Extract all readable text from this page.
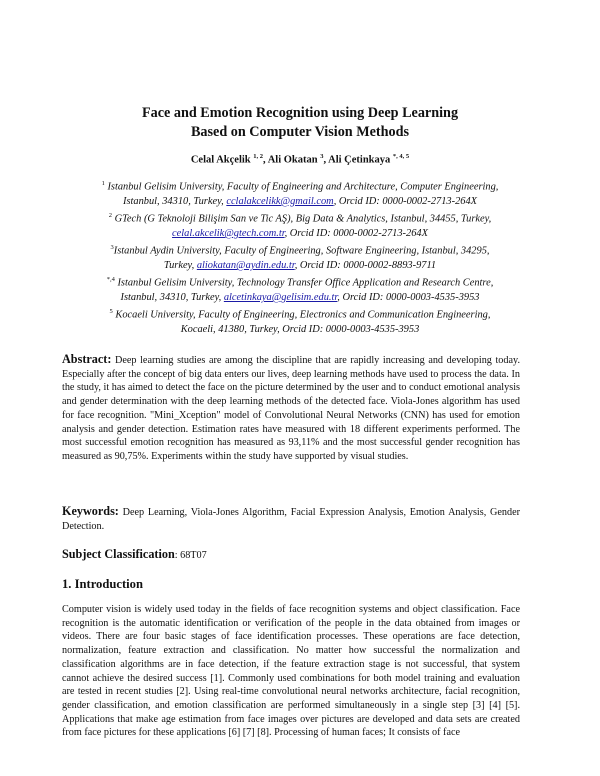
Face and Emotion Recognition using Deep Learning
Based on Computer Vision Methods
Celal Akçelik $^{1, 2}$, Ali Okatan $^3$, Ali Çetinkaya $^{*, 4, 5}$
$^1$ Istanbul Gelisim University, Faculty of Engineering and Architecture, Computer Engineering,
Istanbul, 34310, Turkey, cclalakcelikk@gmail.com, Orcid ID: 0000-0002-2713-264X
$^2$ GTech (G Teknoloji Bilişim San ve Tic AŞ), Big Data & Analytics, Istanbul, 34455, Turkey,
celal.akcelik@gtech.com.tr, Orcid ID: 0000-0002-2713-264X
$^3$Istanbul Aydin University, Faculty of Engineering, Software Engineering, Istanbul, 34295,
Turkey, aliokatan@aydin.edu.tr, Orcid ID: 0000-0002-8893-9711
$^{*,4}$ Istanbul Gelisim University, Technology Transfer Office Application and Research Centre,
Istanbul, 34310, Turkey, alcetinkaya@gelisim.edu.tr, Orcid ID: 0000-0003-4535-3953
$^5$ Kocaeli University, Faculty of Engineering, Electronics and Communication Engineering,
Kocaeli, 41380, Turkey, Orcid ID: 0000-0003-4535-3953

Abstract: Deep learning studies are among the discipline that are rapidly increasing and developing today. Especially after the concept of big data enters our lives, deep learning methods have used to process the data. In the study, it has aimed to detect the face on the picture determined by the user and to conduct emotional analysis and gender determination with the deep learning methods of the detected face. Viola-Jones algorithm has used for face recognition. "Mini_Xception" model of Convolutional Neural Networks (CNN) has used for emotion analysis and gender detection. Estimation rates have measured with 18 different experiments performed. The most successful emotion recognition has measured as 93,11% and the most successful gender recognition has measured as 90,75%. Experiments within the study have supported by visual studies.

Keywords: Deep Learning, Viola-Jones Algorithm, Facial Expression Analysis, Emotion Analysis, Gender Detection.

Subject Classification: 68T07
1. Introduction

Computer vision is widely used today in the fields of face recognition systems and object classification. Face recognition is the automatic identification or verification of the people in the data obtained from images or videos. There are four basic stages of face identification processes. These operations are face detection, normalization, feature extraction and classification. No matter how successful the normalization and classification algorithms are in face detection, if the feature extraction stage is not successful, that system cannot achieve the desired success [1]. Commonly used combinations for both model training and evaluation are tested in recent studies [2]. Using real-time convolutional neural networks architecture, facial recognition, gender classification, and emotion classification are performed simultaneously in a single step [3] [4] [5]. Applications that make age estimation from face images over pictures are developed and data sets are created from face pictures for these applications [6] [7] [8]. Processing of human faces; It consists of face
